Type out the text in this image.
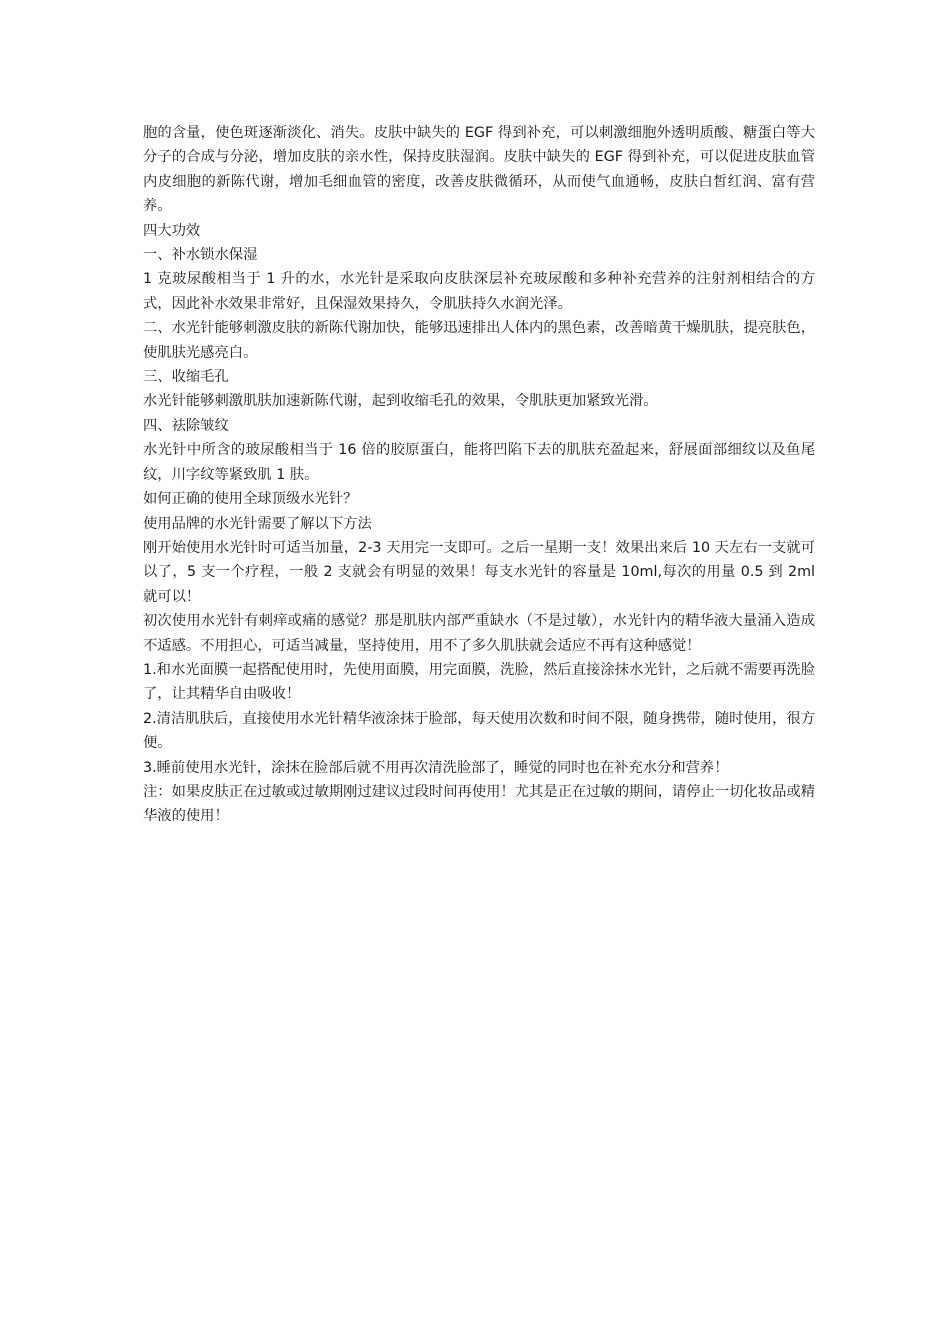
胞的含量，使色斑逐渐淡化、消失。皮肤中缺失的 EGF 得到补充，可以刺激细胞外透明质酸、糖蛋白等大分子的合成与分泌，增加皮肤的亲水性，保持皮肤湿润。皮肤中缺失的 EGF 得到补充，可以促进皮肤血管内皮细胞的新陈代谢，增加毛细血管的密度，改善皮肤微循环，从而使气血通畅，皮肤白皙红润、富有营养。

四大功效

一、补水锁水保湿

1 克玻尿酸相当于 1 升的水，水光针是采取向皮肤深层补充玻尿酸和多种补充营养的注射剂相结合的方式，因此补水效果非常好，且保湿效果持久，令肌肤持久水润光泽。

二、水光针能够刺激皮肤的新陈代谢加快，能够迅速排出人体内的黑色素，改善暗黄干燥肌肤，提亮肤色，使肌肤光感亮白。

三、收缩毛孔

水光针能够刺激肌肤加速新陈代谢，起到收缩毛孔的效果，令肌肤更加紧致光滑。

四、祛除皱纹

水光针中所含的玻尿酸相当于 16 倍的胶原蛋白，能将凹陷下去的肌肤充盈起来，舒展面部细纹以及鱼尾纹，川字纹等紧致肌 1 肤。

如何正确的使用全球顶级水光针？

使用品牌的水光针需要了解以下方法

刚开始使用水光针时可适当加量，2-3 天用完一支即可。之后一星期一支！效果出来后 10 天左右一支就可以了，5 支一个疗程，一般 2 支就会有明显的效果！每支水光针的容量是 10ml,每次的用量 0.5 到 2ml 就可以！

初次使用水光针有刺痒或痛的感觉？那是肌肤内部严重缺水（不是过敏），水光针内的精华液大量涌入造成不适感。不用担心，可适当减量，坚持使用，用不了多久肌肤就会适应不再有这种感觉！

1.和水光面膜一起搭配使用时，先使用面膜，用完面膜，洗脸，然后直接涂抹水光针，之后就不需要再洗脸了，让其精华自由吸收！

2.清洁肌肤后，直接使用水光针精华液涂抹于脸部，每天使用次数和时间不限，随身携带，随时使用，很方便。

3.睡前使用水光针，涂抹在脸部后就不用再次清洗脸部了，睡觉的同时也在补充水分和营养！

注：如果皮肤正在过敏或过敏期刚过建议过段时间再使用！尤其是正在过敏的期间，请停止一切化妆品或精华液的使用！
